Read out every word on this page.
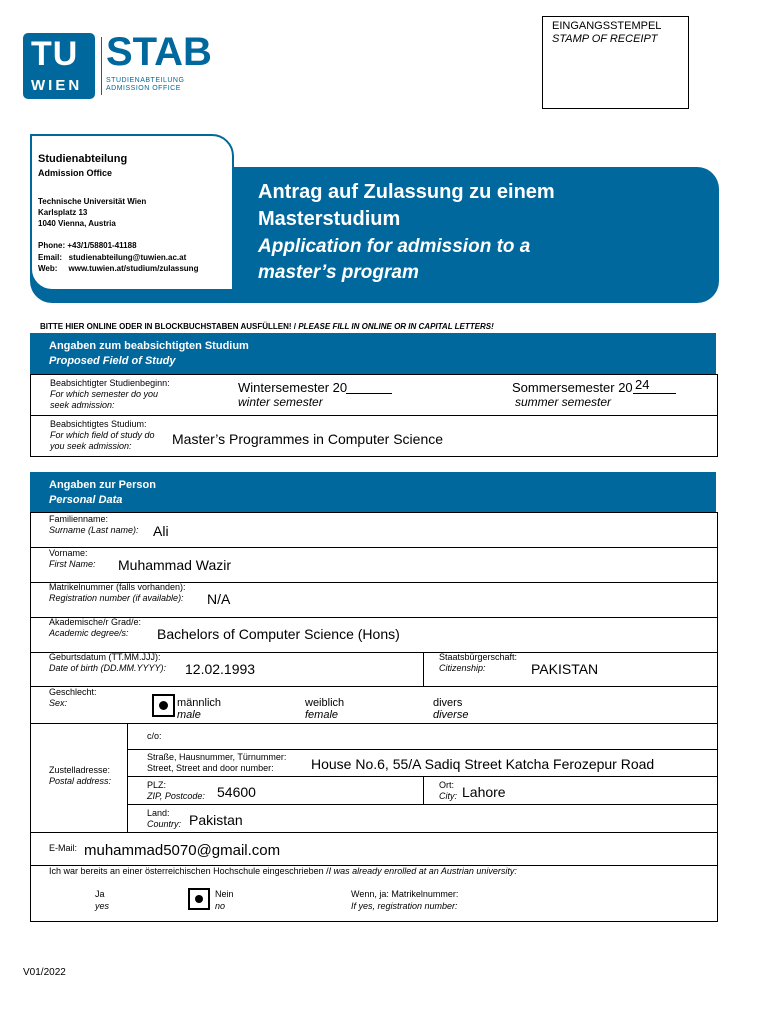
TU
WIEN
STAB
STUDIENABTEILUNG
ADMISSION OFFICE
EINGANGSSTEMPEL
STAMP OF RECEIPT
Antrag auf Zulassung zu einem
Masterstudium
Application for admission to a
master’s program
Studienabteilung
Admission Office
Technische Universität Wien
Karlsplatz 13
1040 Vienna, Austria
Phone: +43/1/58801-41188
Email:   studienabteilung@tuwien.ac.at
Web:     www.tuwien.at/studium/zulassung
BITTE HIER ONLINE ODER IN BLOCKBUCHSTABEN AUSFÜLLEN! / PLEASE FILL IN ONLINE OR IN CAPITAL LETTERS!
Angaben zum beabsichtigten Studium
Proposed Field of Study
Beabsichtigter Studienbeginn:
For which semester do you
seek admission:
Wintersemester 20
winter semester
Sommersemester 20 24
summer semester
Beabsichtigtes Studium:
For which field of study do
you seek admission:	Master’s Programmes in Computer Science
Angaben zur Person
Personal Data
Familienname:
Surname (Last name): Ali
Vorname:
First Name: Muhammad Wazir
Matrikelnummer (falls vorhanden):
Registration number (if available): N/A
Akademische/r Grad/e:
Academic degree/s: Bachelors of Computer Science (Hons)
Geburtsdatum (TT.MM.JJJ):
Date of birth (DD.MM.YYYY): 12.02.1993
Staatsbürgerschaft:
Citizenship:	PAKISTAN
Geschlecht:
Sex:	männlich
male
weiblich
female
divers
diverse
Zustelladresse:
Postal address:
c/o:
Straße, Hausnummer, Türnummer:
Street, Street and door number:	House No.6, 55/A Sadiq Street Katcha Ferozepur Road
PLZ:
ZIP, Postcode: 54600	Ort:
City: Lahore
Land:
Country: Pakistan
E-Mail: muhammad5070@gmail.com
Ich war bereits an einer österreichischen Hochschule eingeschrieben /I was already enrolled at an Austrian university:
Ja
yes
Nein
no
Wenn, ja: Matrikelnummer:
If yes, registration number:
V01/2022
